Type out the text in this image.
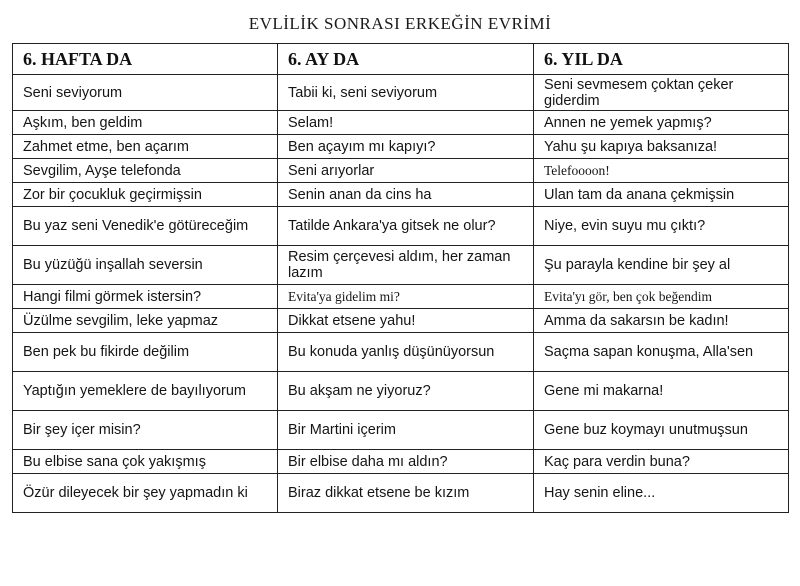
EVLİLİK SONRASI ERKEĞİN EVRİMİ
6. HAFTA DA	6. AY DA	6. YIL DA
Seni seviyorum	Tabii ki, seni seviyorum	Seni sevmesem çoktan çeker giderdim
Aşkım, ben geldim	Selam!	Annen ne yemek yapmış?
Zahmet etme, ben açarım	Ben açayım mı kapıyı?	Yahu şu kapıya baksanıza!
Sevgilim, Ayşe telefonda	Seni arıyorlar	Telefoooon!
Zor bir çocukluk geçirmişsin	Senin anan da cins ha	Ulan tam da anana çekmişsin
Bu yaz seni Venedik'e götüreceğim	Tatilde Ankara'ya gitsek ne olur?	Niye, evin suyu mu çıktı?
Bu yüzüğü inşallah seversin	Resim çerçevesi aldım, her zaman lazım	Şu parayla kendine bir şey al
Hangi filmi görmek istersin?	Evita'ya gidelim mi?	Evita'yı gör, ben çok beğendim
Üzülme sevgilim, leke yapmaz	Dikkat etsene yahu!	Amma da sakarsın be kadın!
Ben pek bu fikirde değilim	Bu konuda yanlış düşünüyorsun	Saçma sapan konuşma, Alla'sen
Yaptığın yemeklere de bayılıyorum	Bu akşam ne yiyoruz?	Gene mi makarna!
Bir şey içer misin?	Bir Martini içerim	Gene buz koymayı unutmuşsun
Bu elbise sana çok yakışmış	Bir elbise daha mı aldın?	Kaç para verdin buna?
Özür dileyecek bir şey yapmadın ki	Biraz dikkat etsene be kızım	Hay senin eline...
